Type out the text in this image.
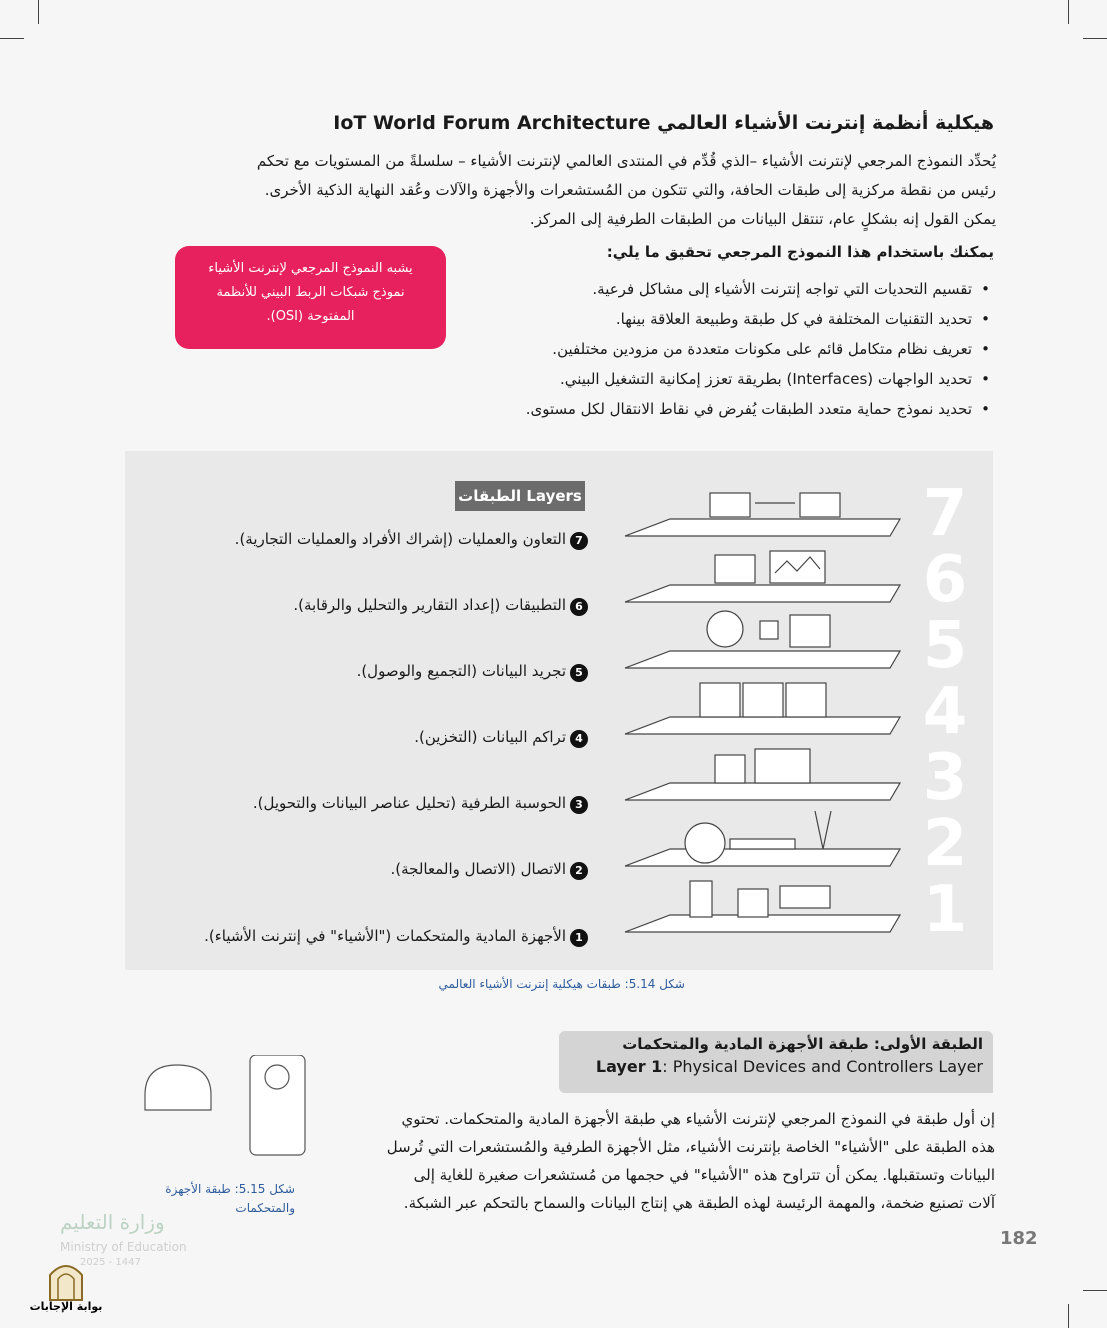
هيكلية أنظمة إنترنت الأشياء العالمي IoT World Forum Architecture
يُحدِّد النموذج المرجعي لإنترنت الأشياء –الذي قُدِّم في المنتدى العالمي لإنترنت الأشياء – سلسلةً من المستويات مع تحكم
رئيس من نقطة مركزية إلى طبقات الحافة، والتي تتكون من المُستشعرات والأجهزة والآلات وعُقد النهاية الذكية الأخرى.
يمكن القول إنه بشكلٍ عام، تنتقل البيانات من الطبقات الطرفية إلى المركز.
يشبه النموذج المرجعي لإنترنت الأشياء
نموذج شبكات الربط البيني للأنظمة
المفتوحة (OSI).
يمكنك باستخدام هذا النموذج المرجعي تحقيق ما يلي:
• تقسيم التحديات التي تواجه إنترنت الأشياء إلى مشاكل فرعية.
• تحديد التقنيات المختلفة في كل طبقة وطبيعة العلاقة بينها.
• تعريف نظام متكامل قائم على مكونات متعددة من مزودين مختلفين.
• تحديد الواجهات (Interfaces) بطريقة تعزز إمكانية التشغيل البيني.
• تحديد نموذج حماية متعدد الطبقات يُفرض في نقاط الانتقال لكل مستوى.
الطبقات Layers
7التعاون والعمليات (إشراك الأفراد والعمليات التجارية).
6التطبيقات (إعداد التقارير والتحليل والرقابة).
5تجريد البيانات (التجميع والوصول).
4تراكم البيانات (التخزين).
3الحوسبة الطرفية (تحليل عناصر البيانات والتحويل).
2الاتصال (الاتصال والمعالجة).
1الأجهزة المادية والمتحكمات ("الأشياء" في إنترنت الأشياء).
7
6
5
4
3
2
1
شكل 5.14: طبقات هيكلية إنترنت الأشياء العالمي
الطبقة الأولى: طبقة الأجهزة المادية والمتحكمات
Layer 1: Physical Devices and Controllers Layer
إن أول طبقة في النموذج المرجعي لإنترنت الأشياء هي طبقة الأجهزة المادية والمتحكمات. تحتوي
هذه الطبقة على "الأشياء" الخاصة بإنترنت الأشياء، مثل الأجهزة الطرفية والمُستشعرات التي تُرسل
البيانات وتستقبلها. يمكن أن تتراوح هذه "الأشياء" في حجمها من مُستشعرات صغيرة للغاية إلى
آلات تصنيع ضخمة، والمهمة الرئيسة لهذه الطبقة هي إنتاج البيانات والسماح بالتحكم عبر الشبكة.
شكل 5.15: طبقة الأجهزة
والمتحكمات
182
وزارة التعليم
Ministry of Education
2025 - 1447
بوابة الإجابات
